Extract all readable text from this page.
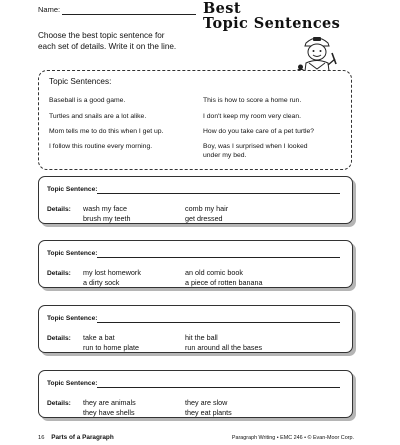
Name:	Best
Topic Sentences
Choose the best topic sentence for
each set of details. Write it on the line.
Topic Sentences:
Baseball is a good game.	This is how to score a home run.
Turtles and snails are a lot alike.	I don't keep my room very clean.
Mom tells me to do this when I get up.	How do you take care of a pet turtle?
I follow this routine every morning.	Boy, was I surprised when I looked
under my bed.
Topic Sentence:
Details: wash my face	comb my hair
brush my teeth	get dressed
Topic Sentence:
Details: my lost homework	an old comic book
a dirty sock	a piece of rotten banana
Topic Sentence:
Details: take a bat	hit the ball
run to home plate	run around all the bases
Topic Sentence:
Details: they are animals	they are slow
they have shells	they eat plants
16 Parts of a Paragraph	Paragraph Writing • EMC 246 • © Evan-Moor Corp.
